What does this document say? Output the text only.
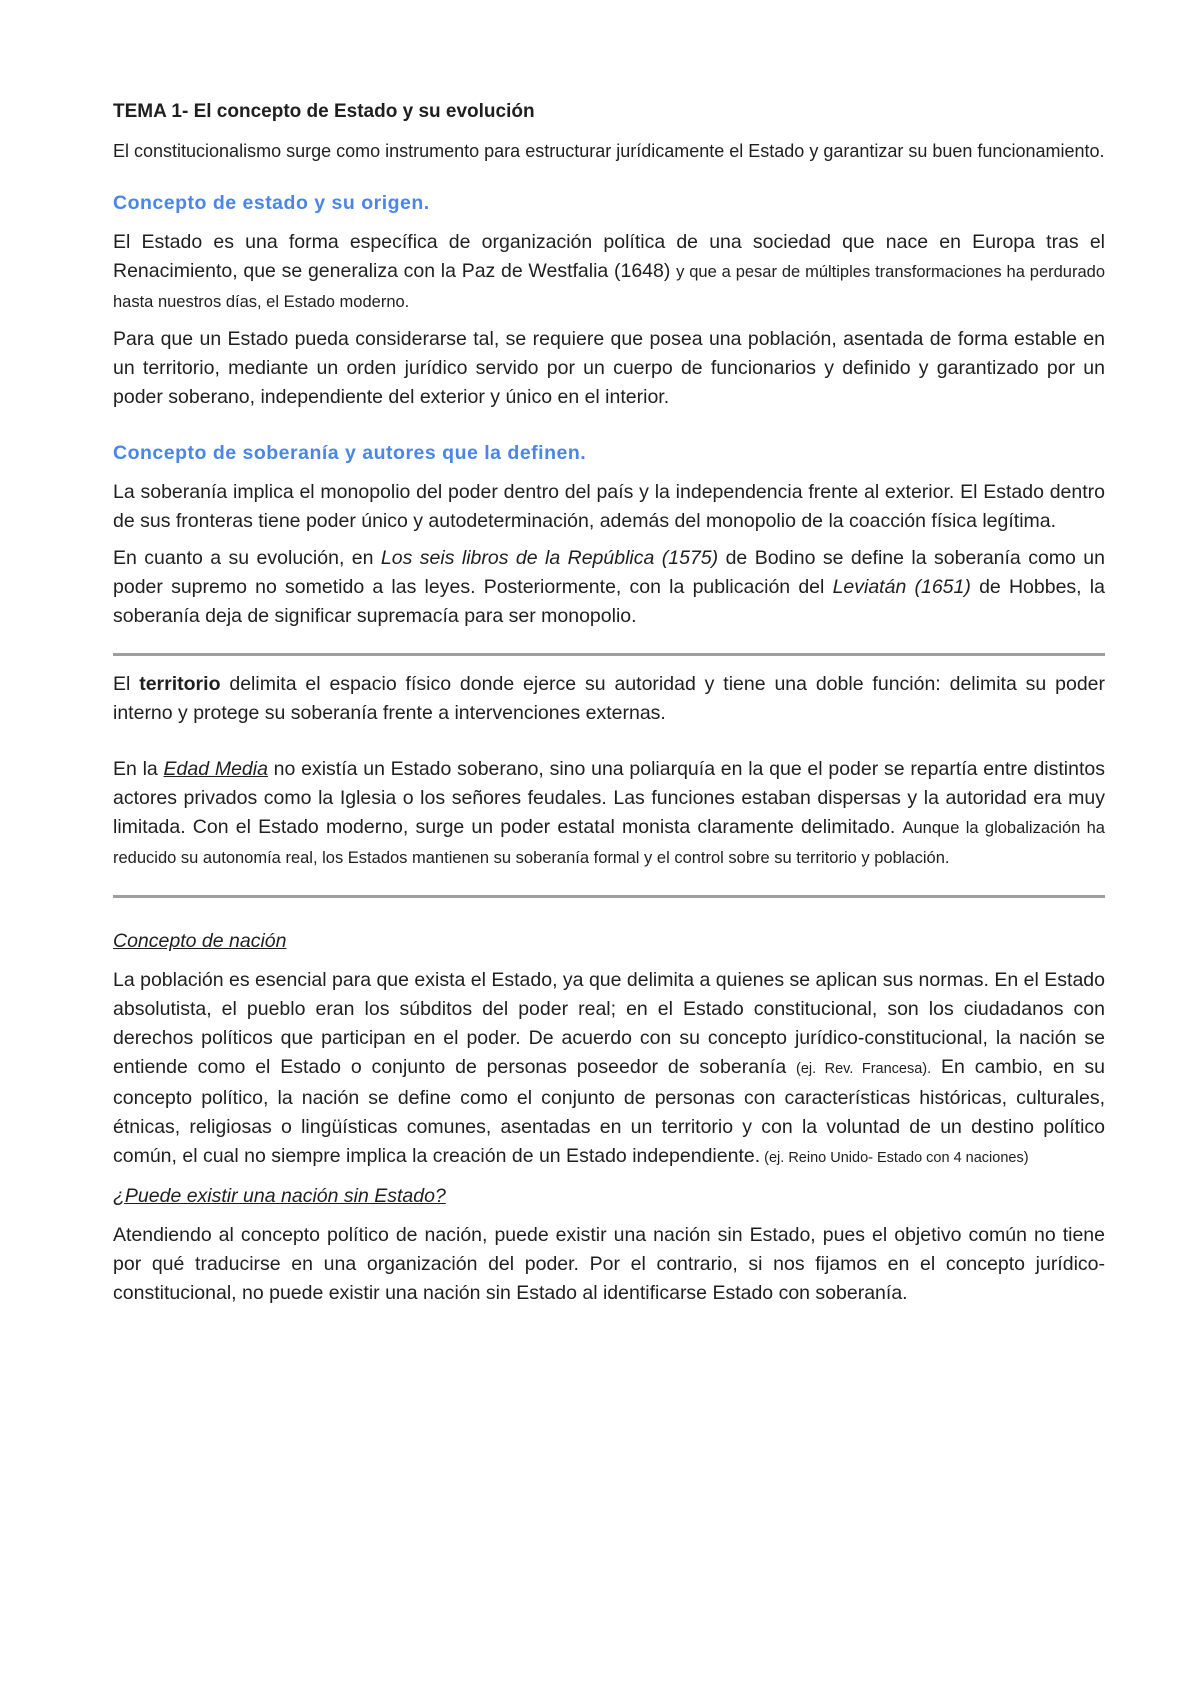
TEMA 1- El concepto de Estado y su evolución

El constitucionalismo surge como instrumento para estructurar jurídicamente el Estado y garantizar su buen funcionamiento.

Concepto de estado y su origen.

El Estado es una forma específica de organización política de una sociedad que nace en Europa tras el Renacimiento, que se generaliza con la Paz de Westfalia (1648) y que a pesar de múltiples transformaciones ha perdurado hasta nuestros días, el Estado moderno.

Para que un Estado pueda considerarse tal, se requiere que posea una población, asentada de forma estable en un territorio, mediante un orden jurídico servido por un cuerpo de funcionarios y definido y garantizado por un poder soberano, independiente del exterior y único en el interior.

Concepto de soberanía y autores que la definen.

La soberanía implica el monopolio del poder dentro del país y la independencia frente al exterior. El Estado dentro de sus fronteras tiene poder único y autodeterminación, además del monopolio de la coacción física legítima.

En cuanto a su evolución, en Los seis libros de la República (1575) de Bodino se define la soberanía como un poder supremo no sometido a las leyes. Posteriormente, con la publicación del Leviatán (1651) de Hobbes, la soberanía deja de significar supremacía para ser monopolio.

El territorio delimita el espacio físico donde ejerce su autoridad y tiene una doble función: delimita su poder interno y protege su soberanía frente a intervenciones externas.

En la Edad Media no existía un Estado soberano, sino una poliarquía en la que el poder se repartía entre distintos actores privados como la Iglesia o los señores feudales. Las funciones estaban dispersas y la autoridad era muy limitada. Con el Estado moderno, surge un poder estatal monista claramente delimitado. Aunque la globalización ha reducido su autonomía real, los Estados mantienen su soberanía formal y el control sobre su territorio y población.

Concepto de nación

La población es esencial para que exista el Estado, ya que delimita a quienes se aplican sus normas. En el Estado absolutista, el pueblo eran los súbditos del poder real; en el Estado constitucional, son los ciudadanos con derechos políticos que participan en el poder. De acuerdo con su concepto jurídico-constitucional, la nación se entiende como el Estado o conjunto de personas poseedor de soberanía (ej. Rev. Francesa). En cambio, en su concepto político, la nación se define como el conjunto de personas con características históricas, culturales, étnicas, religiosas o lingüísticas comunes, asentadas en un territorio y con la voluntad de un destino político común, el cual no siempre implica la creación de un Estado independiente. (ej. Reino Unido- Estado con 4 naciones)

¿Puede existir una nación sin Estado?

Atendiendo al concepto político de nación, puede existir una nación sin Estado, pues el objetivo común no tiene por qué traducirse en una organización del poder. Por el contrario, si nos fijamos en el concepto jurídico-constitucional, no puede existir una nación sin Estado al identificarse Estado con soberanía.
